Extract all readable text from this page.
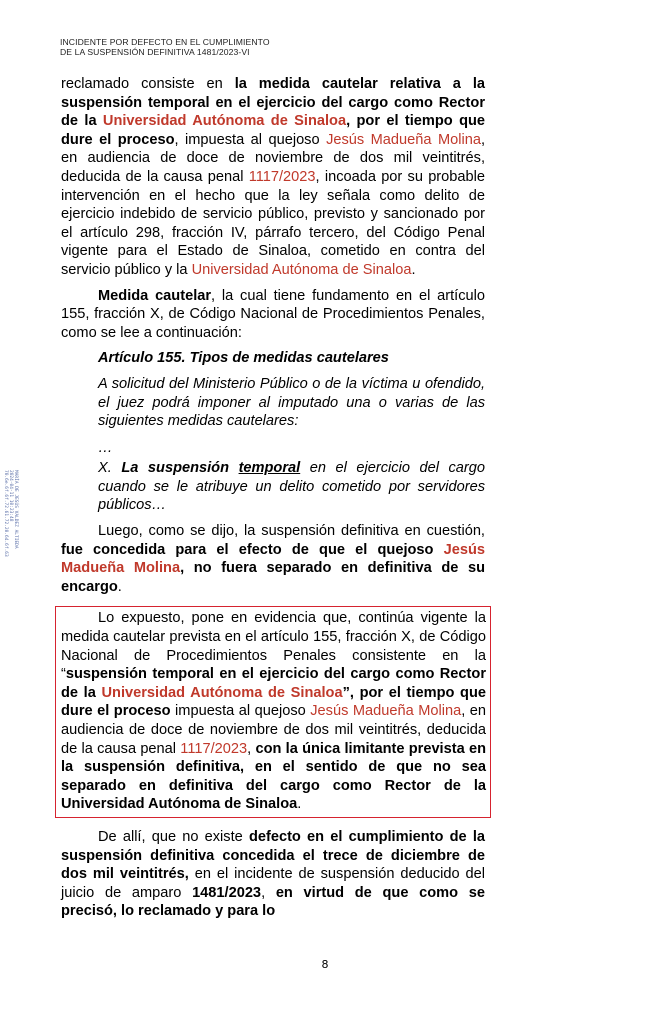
INCIDENTE POR DEFECTO EN EL CUMPLIMIENTO
DE LA SUSPENSIÓN DEFINITIVA 1481/2023-VI
MARÍA DE JESÚS VALDEZ ALTIEDA
2024-04-11 10:23:48
70.6e.6f.6f.72.61.72.20.64.6f.63

reclamado consiste en la medida cautelar relativa a la suspensión temporal en el ejercicio del cargo como Rector de la Universidad Autónoma de Sinaloa, por el tiempo que dure el proceso, impuesta al quejoso Jesús Madueña Molina, en audiencia de doce de noviembre de dos mil veintitrés, deducida de la causa penal 1117/2023, incoada por su probable intervención en el hecho que la ley señala como delito de ejercicio indebido de servicio público, previsto y sancionado por el artículo 298, fracción IV, párrafo tercero, del Código Penal vigente para el Estado de Sinaloa, cometido en contra del servicio público y la Universidad Autónoma de Sinaloa.

Medida cautelar, la cual tiene fundamento en el artículo 155, fracción X, de Código Nacional de Procedimientos Penales, como se lee a continuación:

Artículo 155. Tipos de medidas cautelares

A solicitud del Ministerio Público o de la víctima u ofendido, el juez podrá imponer al imputado una o varias de las siguientes medidas cautelares:

…

X. La suspensión temporal en el ejercicio del cargo cuando se le atribuye un delito cometido por servidores públicos…

Luego, como se dijo, la suspensión definitiva en cuestión, fue concedida para el efecto de que el quejoso Jesús Madueña Molina, no fuera separado en definitiva de su encargo.

Lo expuesto, pone en evidencia que, continúa vigente la medida cautelar prevista en el artículo 155, fracción X, de Código Nacional de Procedimientos Penales consistente en la “suspensión temporal en el ejercicio del cargo como Rector de la Universidad Autónoma de Sinaloa”, por el tiempo que dure el proceso impuesta al quejoso Jesús Madueña Molina, en audiencia de doce de noviembre de dos mil veintitrés, deducida de la causa penal 1117/2023, con la única limitante prevista en la suspensión definitiva, en el sentido de que no sea separado en definitiva del cargo como Rector de la Universidad Autónoma de Sinaloa.

De allí, que no existe defecto en el cumplimiento de la suspensión definitiva concedida el trece de diciembre de dos mil veintitrés, en el incidente de suspensión deducido del juicio de amparo 1481/2023, en virtud de que como se precisó, lo reclamado y para lo

8
